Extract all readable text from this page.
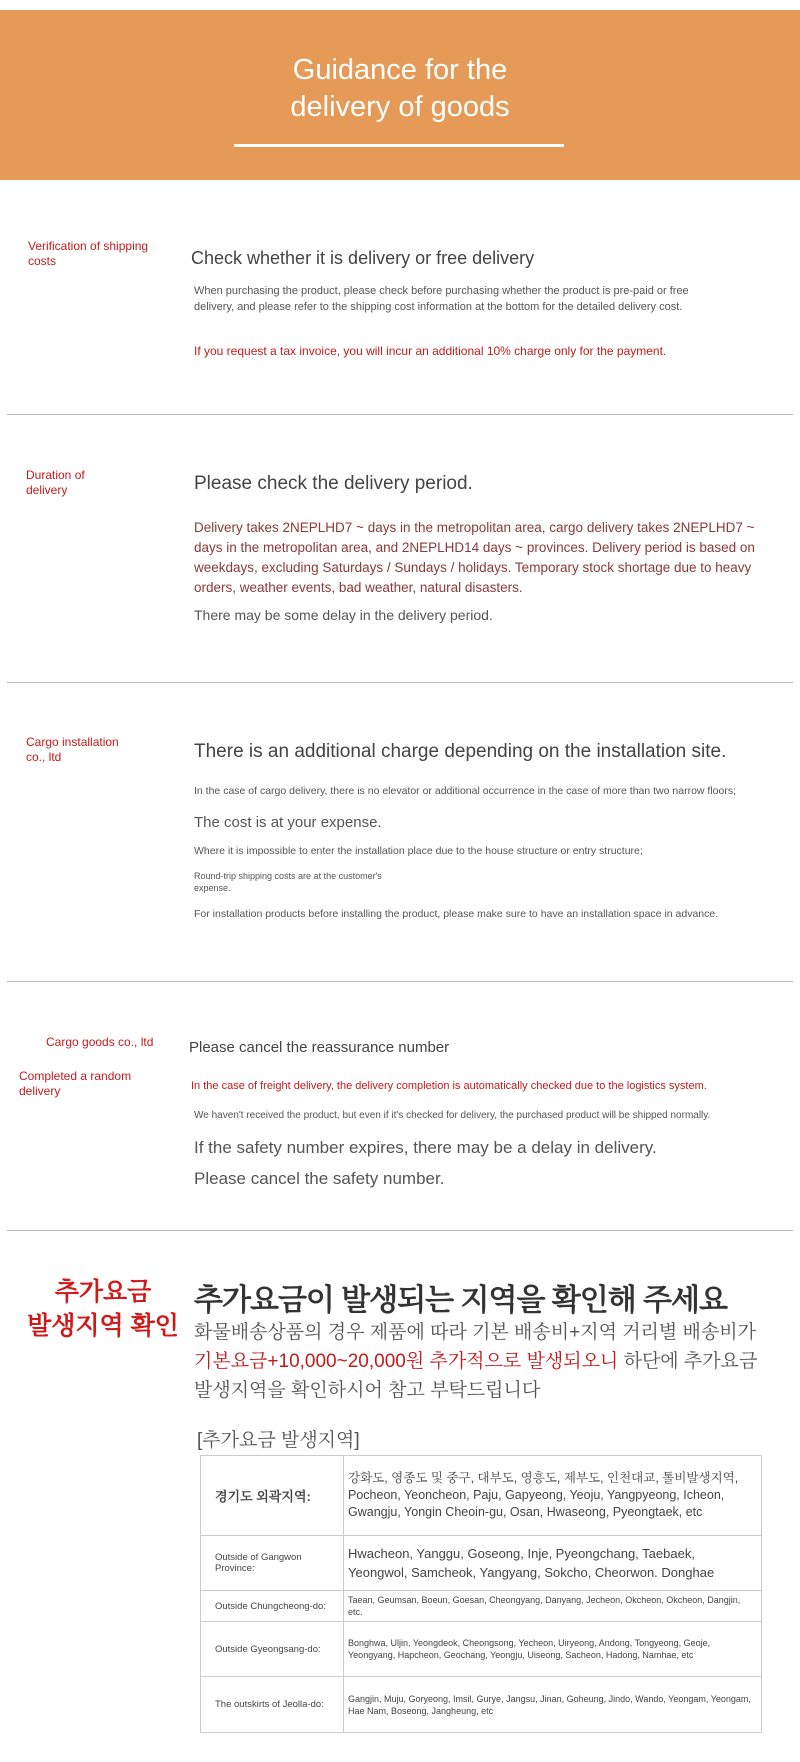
Guidance for the
delivery of goods
Verification of shipping costs	Check whether it is delivery or free delivery
When purchasing the product, please check before purchasing whether the product is pre-paid or free delivery, and please refer to the shipping cost information at the bottom for the detailed delivery cost.
If you request a tax invoice, you will incur an additional 10% charge only for the payment.
Duration of delivery	Please check the delivery period.
Delivery takes 2NEPLHD7 ~ days in the metropolitan area, cargo delivery takes 2NEPLHD7 ~ days in the metropolitan area, and 2NEPLHD14 days ~ provinces. Delivery period is based on weekdays, excluding Saturdays / Sundays / holidays. Temporary stock shortage due to heavy orders, weather events, bad weather, natural disasters.
There may be some delay in the delivery period.
Cargo installation co., ltd	There is an additional charge depending on the installation site.
In the case of cargo delivery, there is no elevator or additional occurrence in the case of more than two narrow floors;
The cost is at your expense.
Where it is impossible to enter the installation place due to the house structure or entry structure;
Round-trip shipping costs are at the customer's expense.
For installation products before installing the product, please make sure to have an installation space in advance.
Cargo goods co., ltd
Completed a random delivery
Please cancel the reassurance number
In the case of freight delivery, the delivery completion is automatically checked due to the logistics system.
We haven't received the product, but even if it's checked for delivery, the purchased product will be shipped normally.
If the safety number expires, there may be a delay in delivery.
Please cancel the safety number.
추가요금
발생지역 확인
추가요금이 발생되는 지역을 확인해 주세요
화물배송상품의 경우 제품에 따라 기본 배송비+지역 거리별 배송비가
기본요금+10,000~20,000원 추가적으로 발생되오니 하단에 추가요금
발생지역을 확인하시어 참고 부탁드립니다
[추가요금 발생지역]
경기도 외곽지역:	강화도, 영종도 및 중구, 대부도, 영흥도, 제부도, 인천대교, 톨비발생지역, Pocheon, Yeoncheon, Paju, Gapyeong, Yeoju, Yangpyeong, Icheon, Gwangju, Yongin Cheoin-gu, Osan, Hwaseong, Pyeongtaek, etc
Outside of Gangwon Province:	Hwacheon, Yanggu, Goseong, Inje, Pyeongchang, Taebaek, Yeongwol, Samcheok, Yangyang, Sokcho, Cheorwon. Donghae
Outside Chungcheong-do:	Taean, Geumsan, Boeun, Goesan, Cheongyang, Danyang, Jecheon, Okcheon, Okcheon, Dangjin, etc.
Outside Gyeongsang-do:	Bonghwa, Uljin, Yeongdeok, Cheongsong, Yecheon, Uiryeong, Andong, Tongyeong, Geoje, Yeongyang, Hapcheon, Geochang, Yeongju, Uiseong, Sacheon, Hadong, Namhae, etc
The outskirts of Jeolla-do:	Gangjin, Muju, Goryeong, Imsil, Gurye, Jangsu, Jinan, Goheung, Jindo, Wando, Yeongam, Yeongam, Hae Nam, Boseong, Jangheung, etc
